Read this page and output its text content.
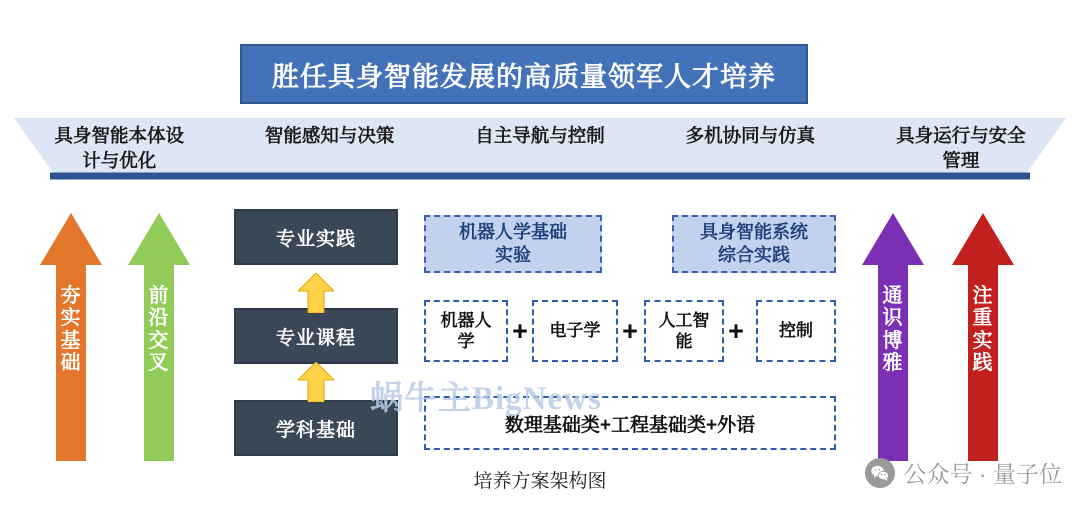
胜任具身智能发展的高质量领军人才培养
具身智能本体设
计与优化
智能感知与决策	自主导航与控制	多机协同与仿真	具身运行与安全
管理
夯
实
基
础
前
沿
交
叉
通
识
博
雅
注
重
实
践
专业实践
专业课程
学科基础
机器人学基础
实验
具身智能系统
综合实践
机器人
学	+ 电子学 + 人工智
能	+ 控制
数理基础类+工程基础类+外语
蜗牛主BigNews
培养方案架构图	公众号 · 量子位
